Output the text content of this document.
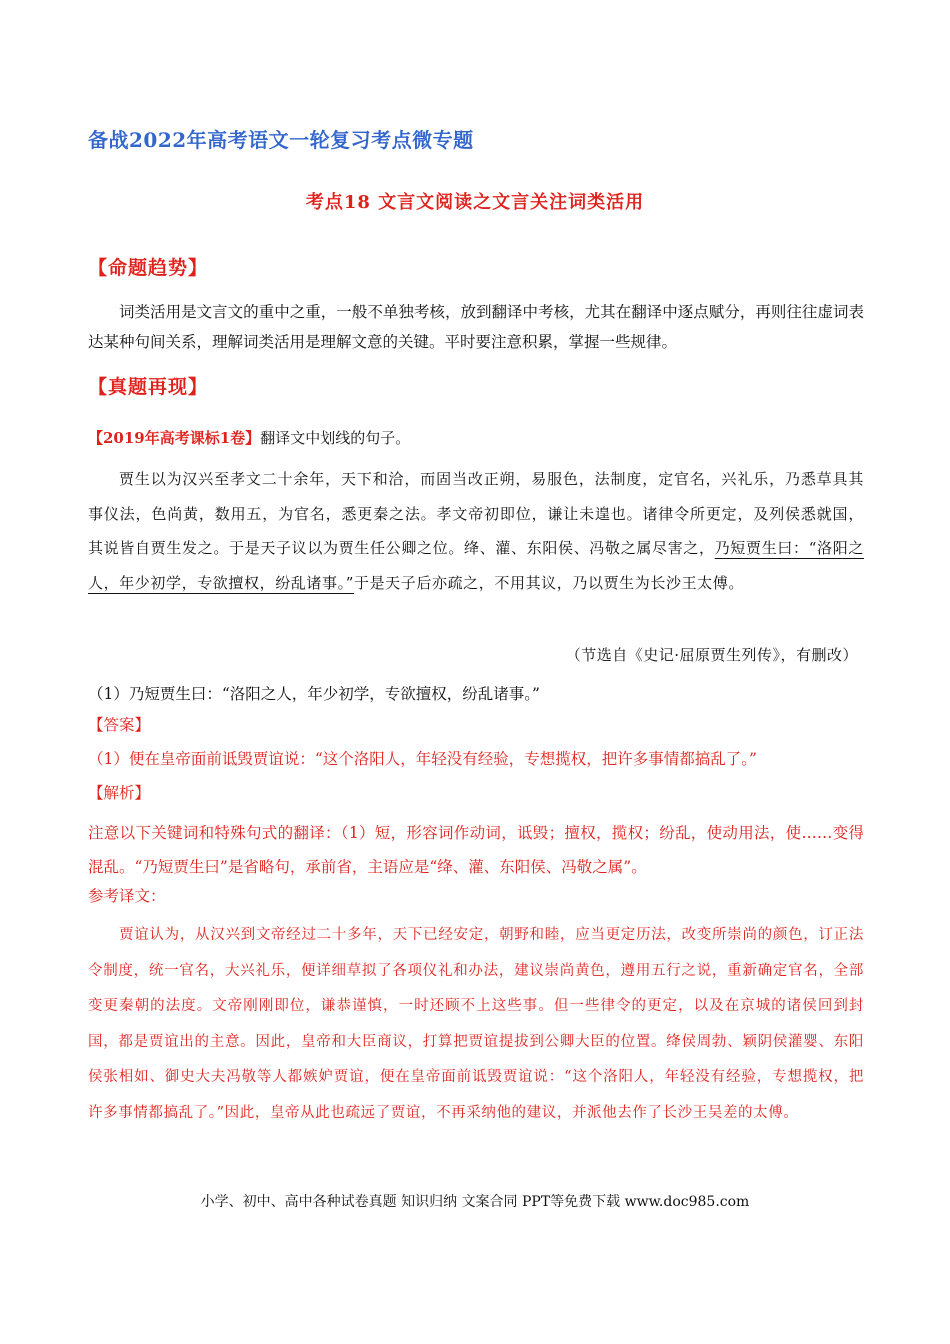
备战2022年高考语文一轮复习考点微专题
考点18 文言文阅读之文言关注词类活用
【命题趋势】
词类活用是文言文的重中之重，一般不单独考核，放到翻译中考核，尤其在翻译中逐点赋分，再则往往虚词表达某种句间关系，理解词类活用是理解文意的关键。平时要注意积累，掌握一些规律。
【真题再现】
【2019年高考课标1卷】翻译文中划线的句子。
贾生以为汉兴至孝文二十余年，天下和洽，而固当改正朔，易服色，法制度，定官名，兴礼乐，乃悉草具其事仪法，色尚黄，数用五，为官名，悉更秦之法。孝文帝初即位，谦让未遑也。诸律令所更定，及列侯悉就国，其说皆自贾生发之。于是天子议以为贾生任公卿之位。绛、灌、东阳侯、冯敬之属尽害之，乃短贾生曰：“洛阳之人，年少初学，专欲擅权，纷乱诸事。”于是天子后亦疏之，不用其议，乃以贾生为长沙王太傅。
（节选自《史记·屈原贾生列传》，有删改）
（1）乃短贾生曰：“洛阳之人，年少初学，专欲擅权，纷乱诸事。”
【答案】
（1）便在皇帝面前诋毁贾谊说：“这个洛阳人，年轻没有经验，专想揽权，把许多事情都搞乱了。”
【解析】
注意以下关键词和特殊句式的翻译：（1）短，形容词作动词，诋毁；擅权，揽权；纷乱，使动用法，使……变得混乱。“乃短贾生曰”是省略句，承前省，主语应是“绛、灌、东阳侯、冯敬之属”。
参考译文：
贾谊认为，从汉兴到文帝经过二十多年，天下已经安定，朝野和睦，应当更定历法，改变所崇尚的颜色，订正法令制度，统一官名，大兴礼乐，便详细草拟了各项仪礼和办法，建议崇尚黄色，遵用五行之说，重新确定官名，全部变更秦朝的法度。文帝刚刚即位，谦恭谨慎，一时还顾不上这些事。但一些律令的更定，以及在京城的诸侯回到封国，都是贾谊出的主意。因此，皇帝和大臣商议，打算把贾谊提拔到公卿大臣的位置。绛侯周勃、颖阴侯灌婴、东阳侯张相如、御史大夫冯敬等人都嫉妒贾谊，便在皇帝面前诋毁贾谊说：“这个洛阳人，年轻没有经验，专想揽权，把许多事情都搞乱了。”因此，皇帝从此也疏远了贾谊，不再采纳他的建议，并派他去作了长沙王吴差的太傅。
小学、初中、高中各种试卷真题 知识归纳 文案合同 PPT等免费下载 www.doc985.com
